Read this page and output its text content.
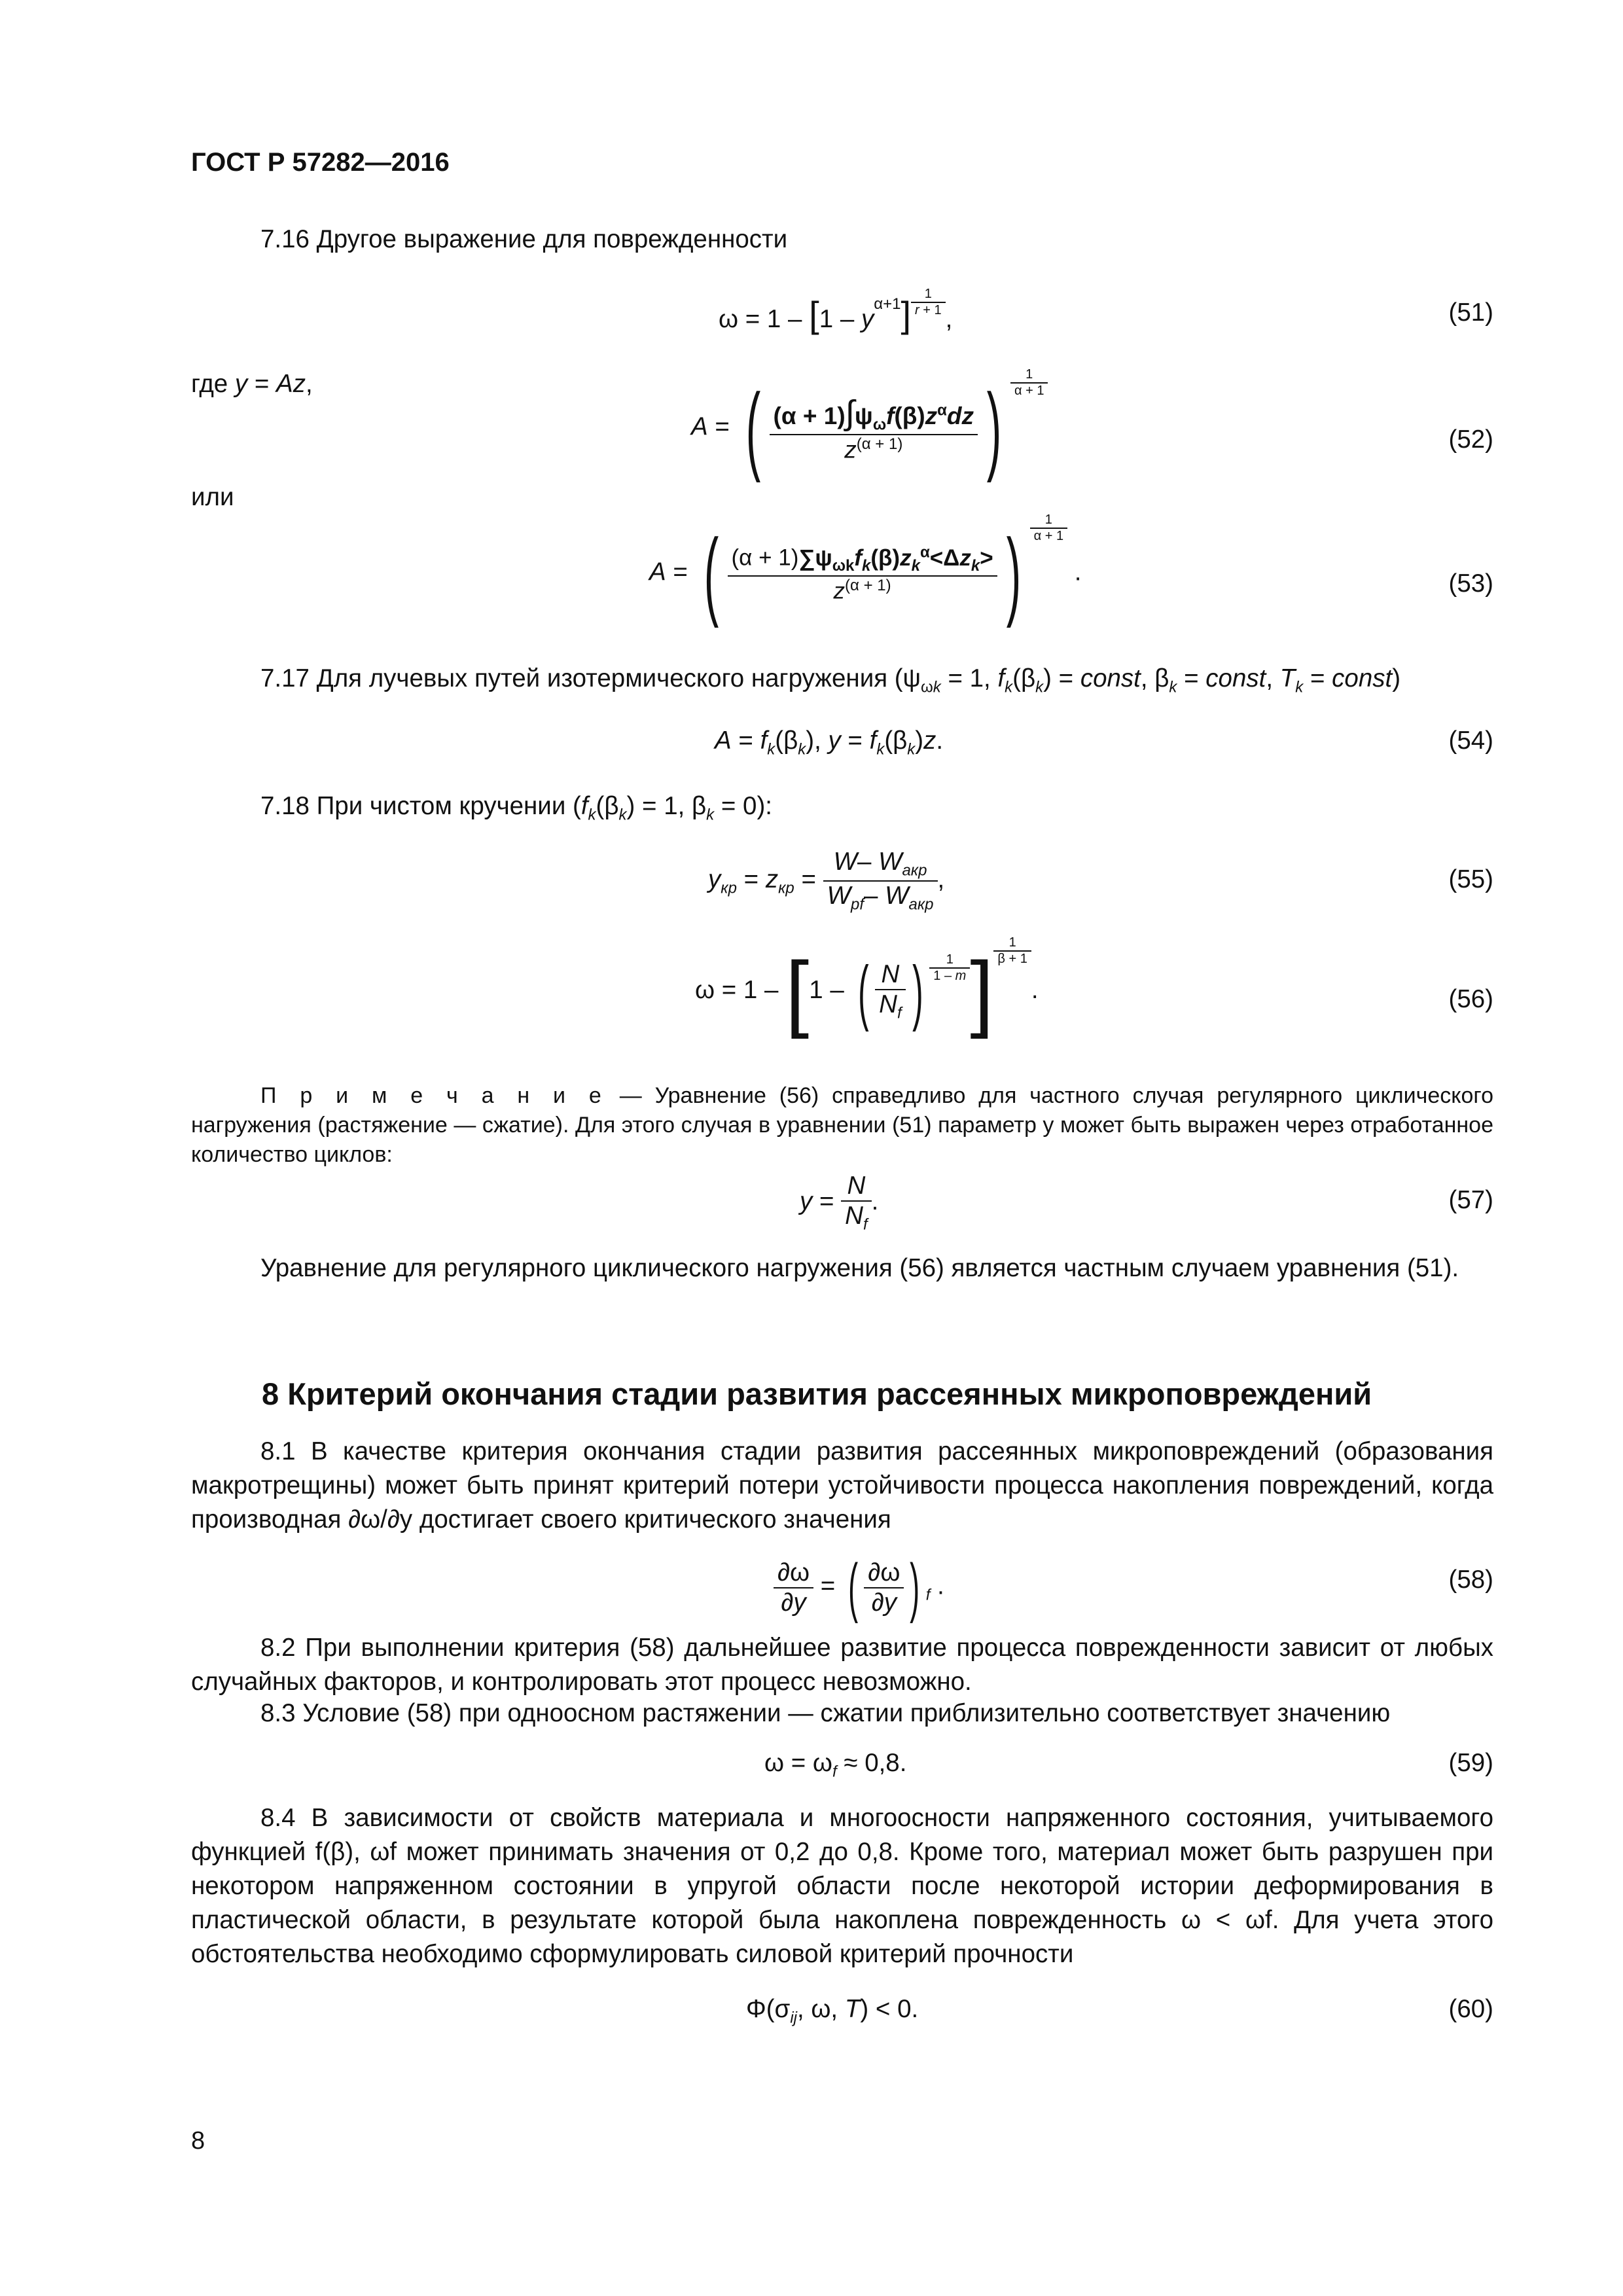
ГОСТ Р 57282—2016
7.16 Другое выражение для поврежденности
$\omega = 1 - [1 - y^{\alpha+1}] \frac{1}{r + 1}$
,	(51)
где y = Az,
A = ( $\frac{(\alpha + 1)\int\psi_\omega f(\beta)z^\alpha dz}{z^{(\alpha + 1)}}$ ) $\frac{1}{\alpha + 1}$
(52)
или
A = ( $\frac{(\alpha + 1)\sum\psi_{\omega k}f_k(\beta)z_k^\alpha<\Delta z_k>}{z^{(\alpha + 1)}}$ ) $\frac{1}{\alpha + 1}$
.	(53)
7.17 Для лучевых путей изотермического нагружения ($\psi_{\omega k} = 1$, $f_k(\beta_k)$ = const, $\beta_k$ = const, $T_k$ = const)
$A = f_k(\beta_k)$, $y = f_k(\beta_k)z$.	(54)
7.18 При чистом кручении ($f_k(\beta_k) = 1$, $\beta_k = 0$):
$y_{кр} = z_{кр} = \frac{W- W_{акр}}{W_{pf}- W_{акр}}$ ,	(55)
ω = 1 – [1 – ( $\frac{N}{N_f}$ ) $\frac{1}{1 - m}$ ] $\frac{1}{\beta + 1}$
.	(56)
П р и м е ч а н и е — Уравнение (56) справедливо для частного случая регулярного циклического нагружения (растяжение — сжатие). Для этого случая в уравнении (51) параметр y может быть выражен через отработанное количество циклов:
$y = \frac{N}{N_f}$ .	(57)
Уравнение для регулярного циклического нагружения (56) является частным случаем уравнения (51).
8 Критерий окончания стадии развития рассеянных микроповреждений
8.1 В качестве критерия окончания стадии развития рассеянных микроповреждений (образования макротрещины) может быть принят критерий потери устойчивости процесса накопления повреждений, когда производная ∂ω/∂y достигает своего критического значения
$\frac{\partial\omega}{\partial y}$ = ( $\frac{\partial\omega}{\partial y}$ ) $_f$ .	(58)
8.2 При выполнении критерия (58) дальнейшее развитие процесса поврежденности зависит от любых случайных факторов, и контролировать этот процесс невозможно.
8.3 Условие (58) при одноосном растяжении — сжатии приблизительно соответствует значению
$\omega = \omega_f \approx 0,8$.	(59)
8.4 В зависимости от свойств материала и многоосности напряженного состояния, учитываемого функцией f(β), ωf может принимать значения от 0,2 до 0,8. Кроме того, материал может быть разрушен при некотором напряженном состоянии в упругой области после некоторой истории деформирования в пластической области, в результате которой была накоплена поврежденность ω < ωf. Для учета этого обстоятельства необходимо сформулировать силовой критерий прочности
$\Phi(\sigma_{ij}$, ω, T) < 0.	(60)
8
